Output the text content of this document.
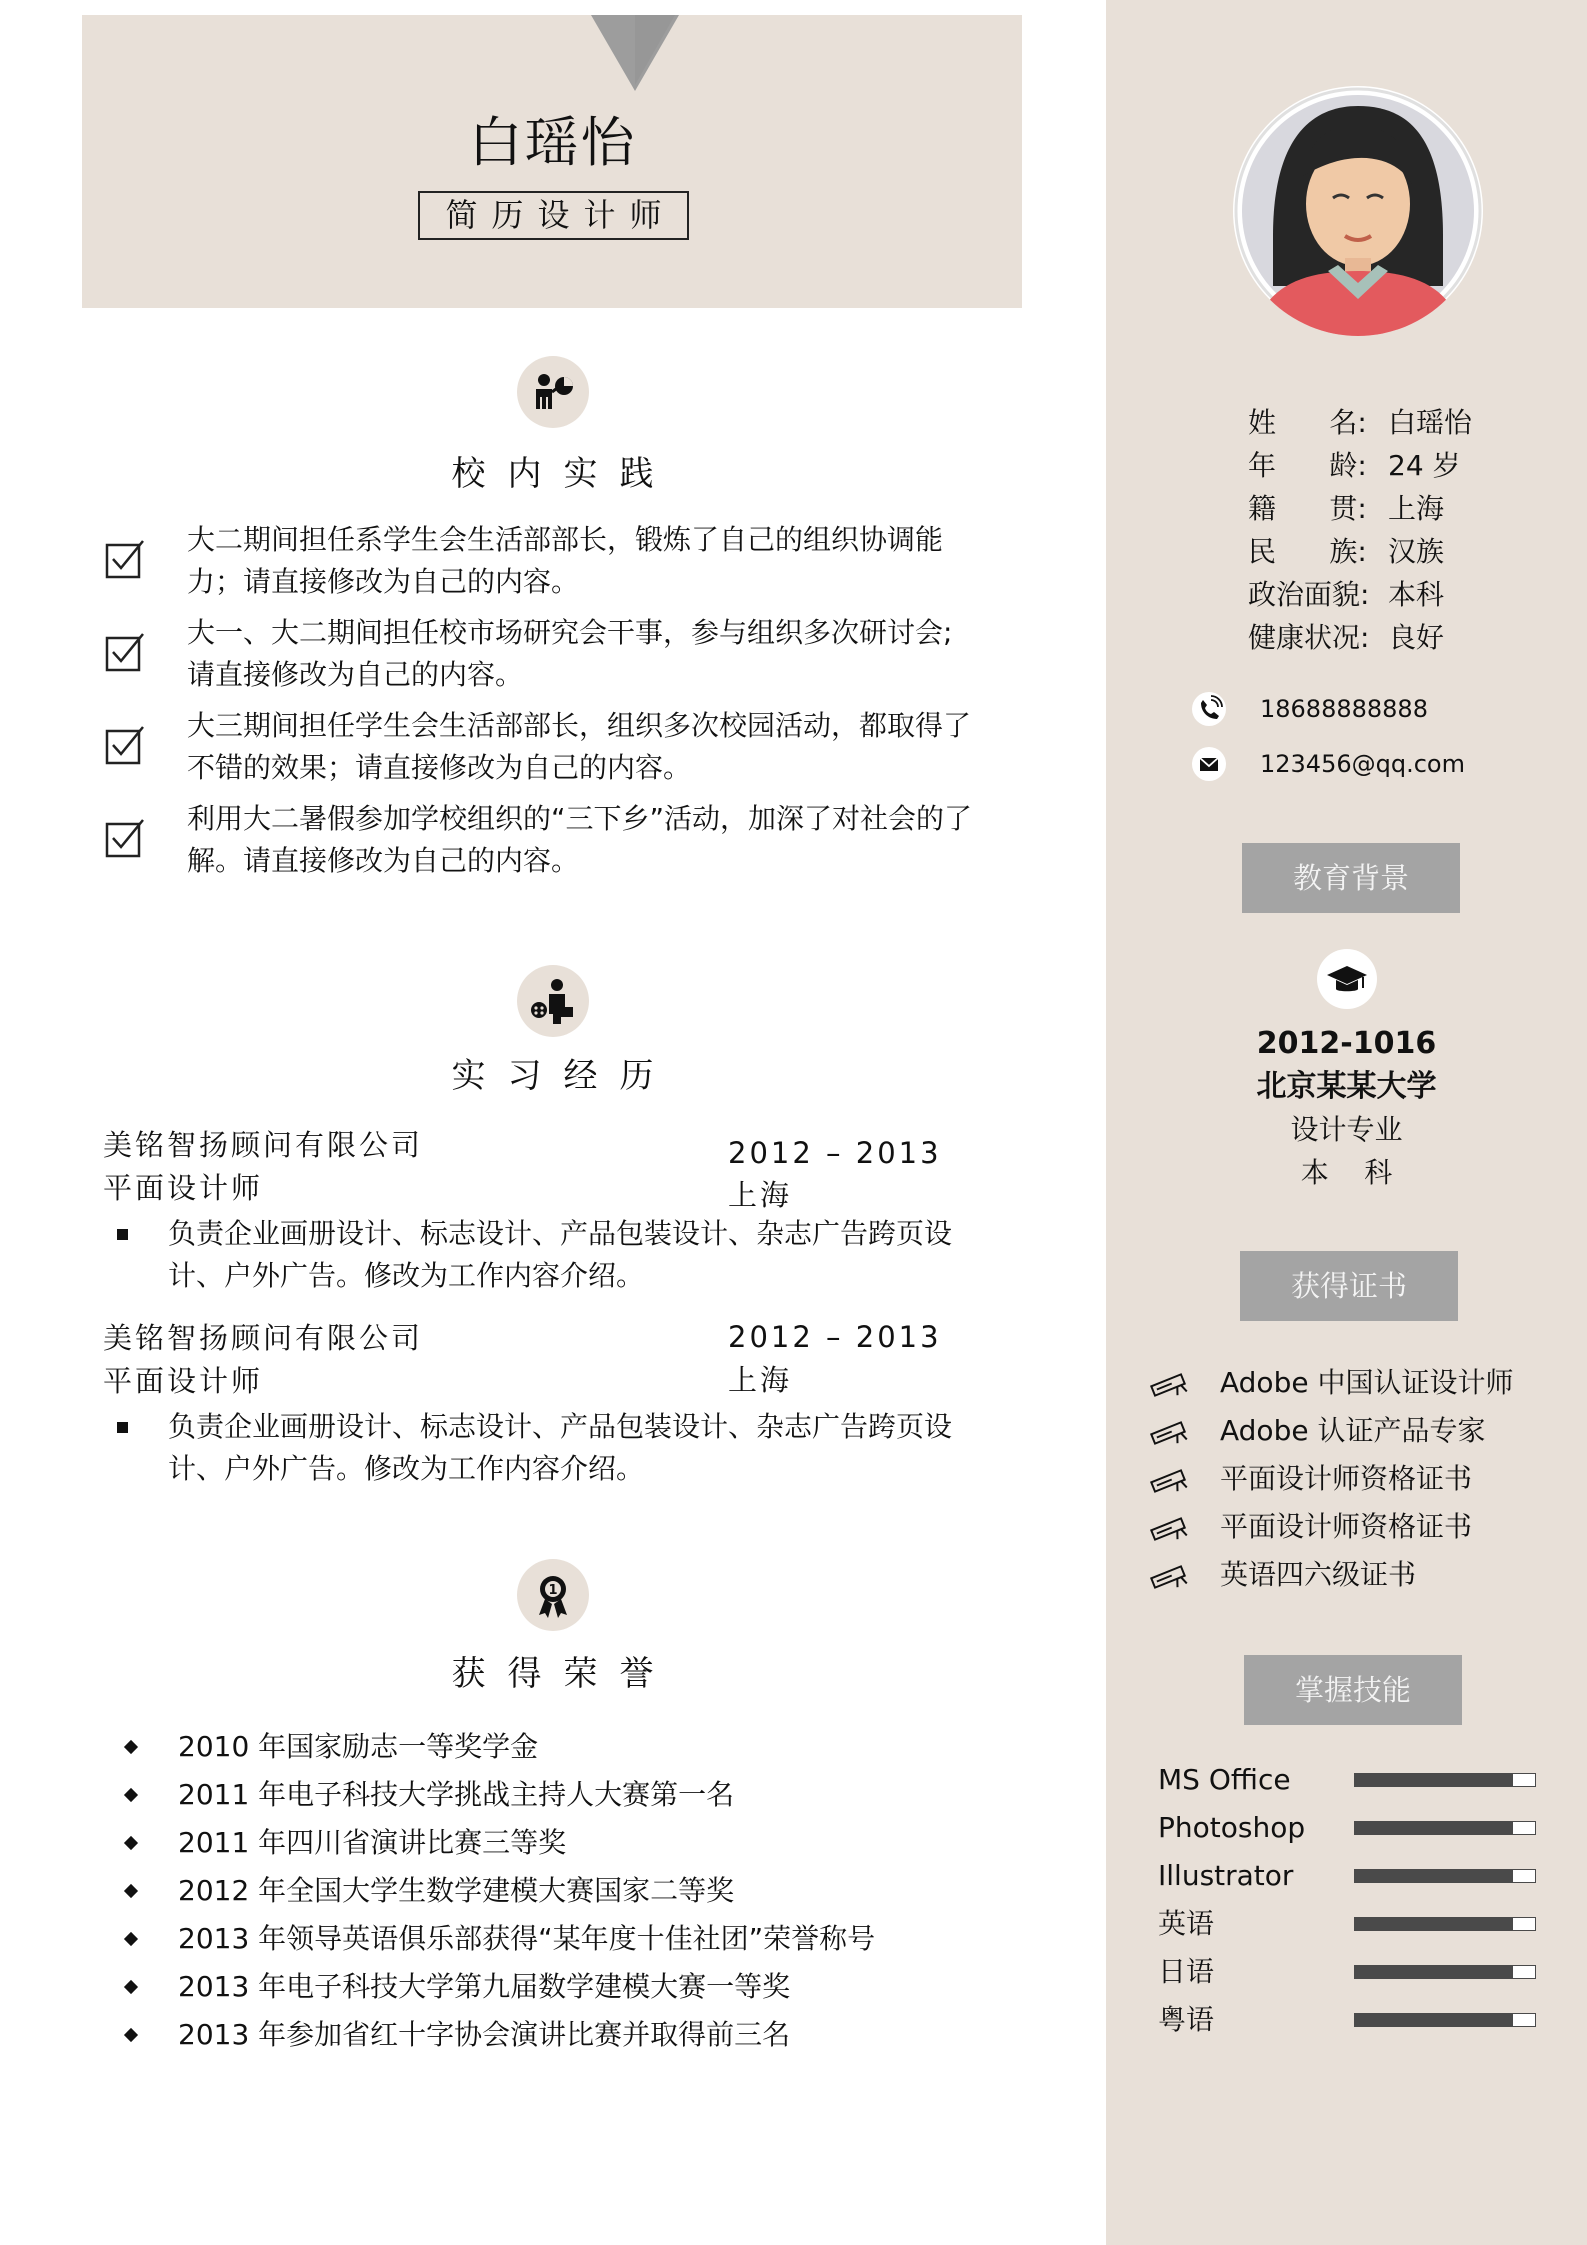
白瑶怡
简历设计师
校内实践
大二期间担任系学生会生活部部长，锻炼了自己的组织协调能力；请直接修改为自己的内容。
大一、大二期间担任校市场研究会干事，参与组织多次研讨会; 请直接修改为自己的内容。
大三期间担任学生会生活部部长，组织多次校园活动，都取得了不错的效果；请直接修改为自己的内容。
利用大二暑假参加学校组织的“三下乡”活动，加深了对社会的了解。请直接修改为自己的内容。
实习经历
美铭智扬顾问有限公司	2012 – 2013
平面设计师	上海
负责企业画册设计、标志设计、产品包装设计、杂志广告跨页设计、户外广告。修改为工作内容介绍。
美铭智扬顾问有限公司	2012 – 2013
平面设计师	上海
负责企业画册设计、标志设计、产品包装设计、杂志广告跨页设计、户外广告。修改为工作内容介绍。
1
获得荣誉
2010 年国家励志一等奖学金
2011 年电子科技大学挑战主持人大赛第一名
2011 年四川省演讲比赛三等奖
2012 年全国大学生数学建模大赛国家二等奖
2013 年领导英语俱乐部获得“某年度十佳社团”荣誉称号
2013 年电子科技大学第九届数学建模大赛一等奖
2013 年参加省红十字协会演讲比赛并取得前三名
姓      名: 白瑶怡
年      龄: 24 岁
籍      贯: 上海
民      族: 汉族
政治面貌: 本科
健康状况: 良好
18688888888
123456@qq.com
教育背景
2012-1016
北京某某大学
设计专业
本    科
获得证书
Adobe 中国认证设计师
Adobe 认证产品专家
平面设计师资格证书
平面设计师资格证书
英语四六级证书
掌握技能
MS Office
Photoshop
Illustrator
英语
日语
粤语
